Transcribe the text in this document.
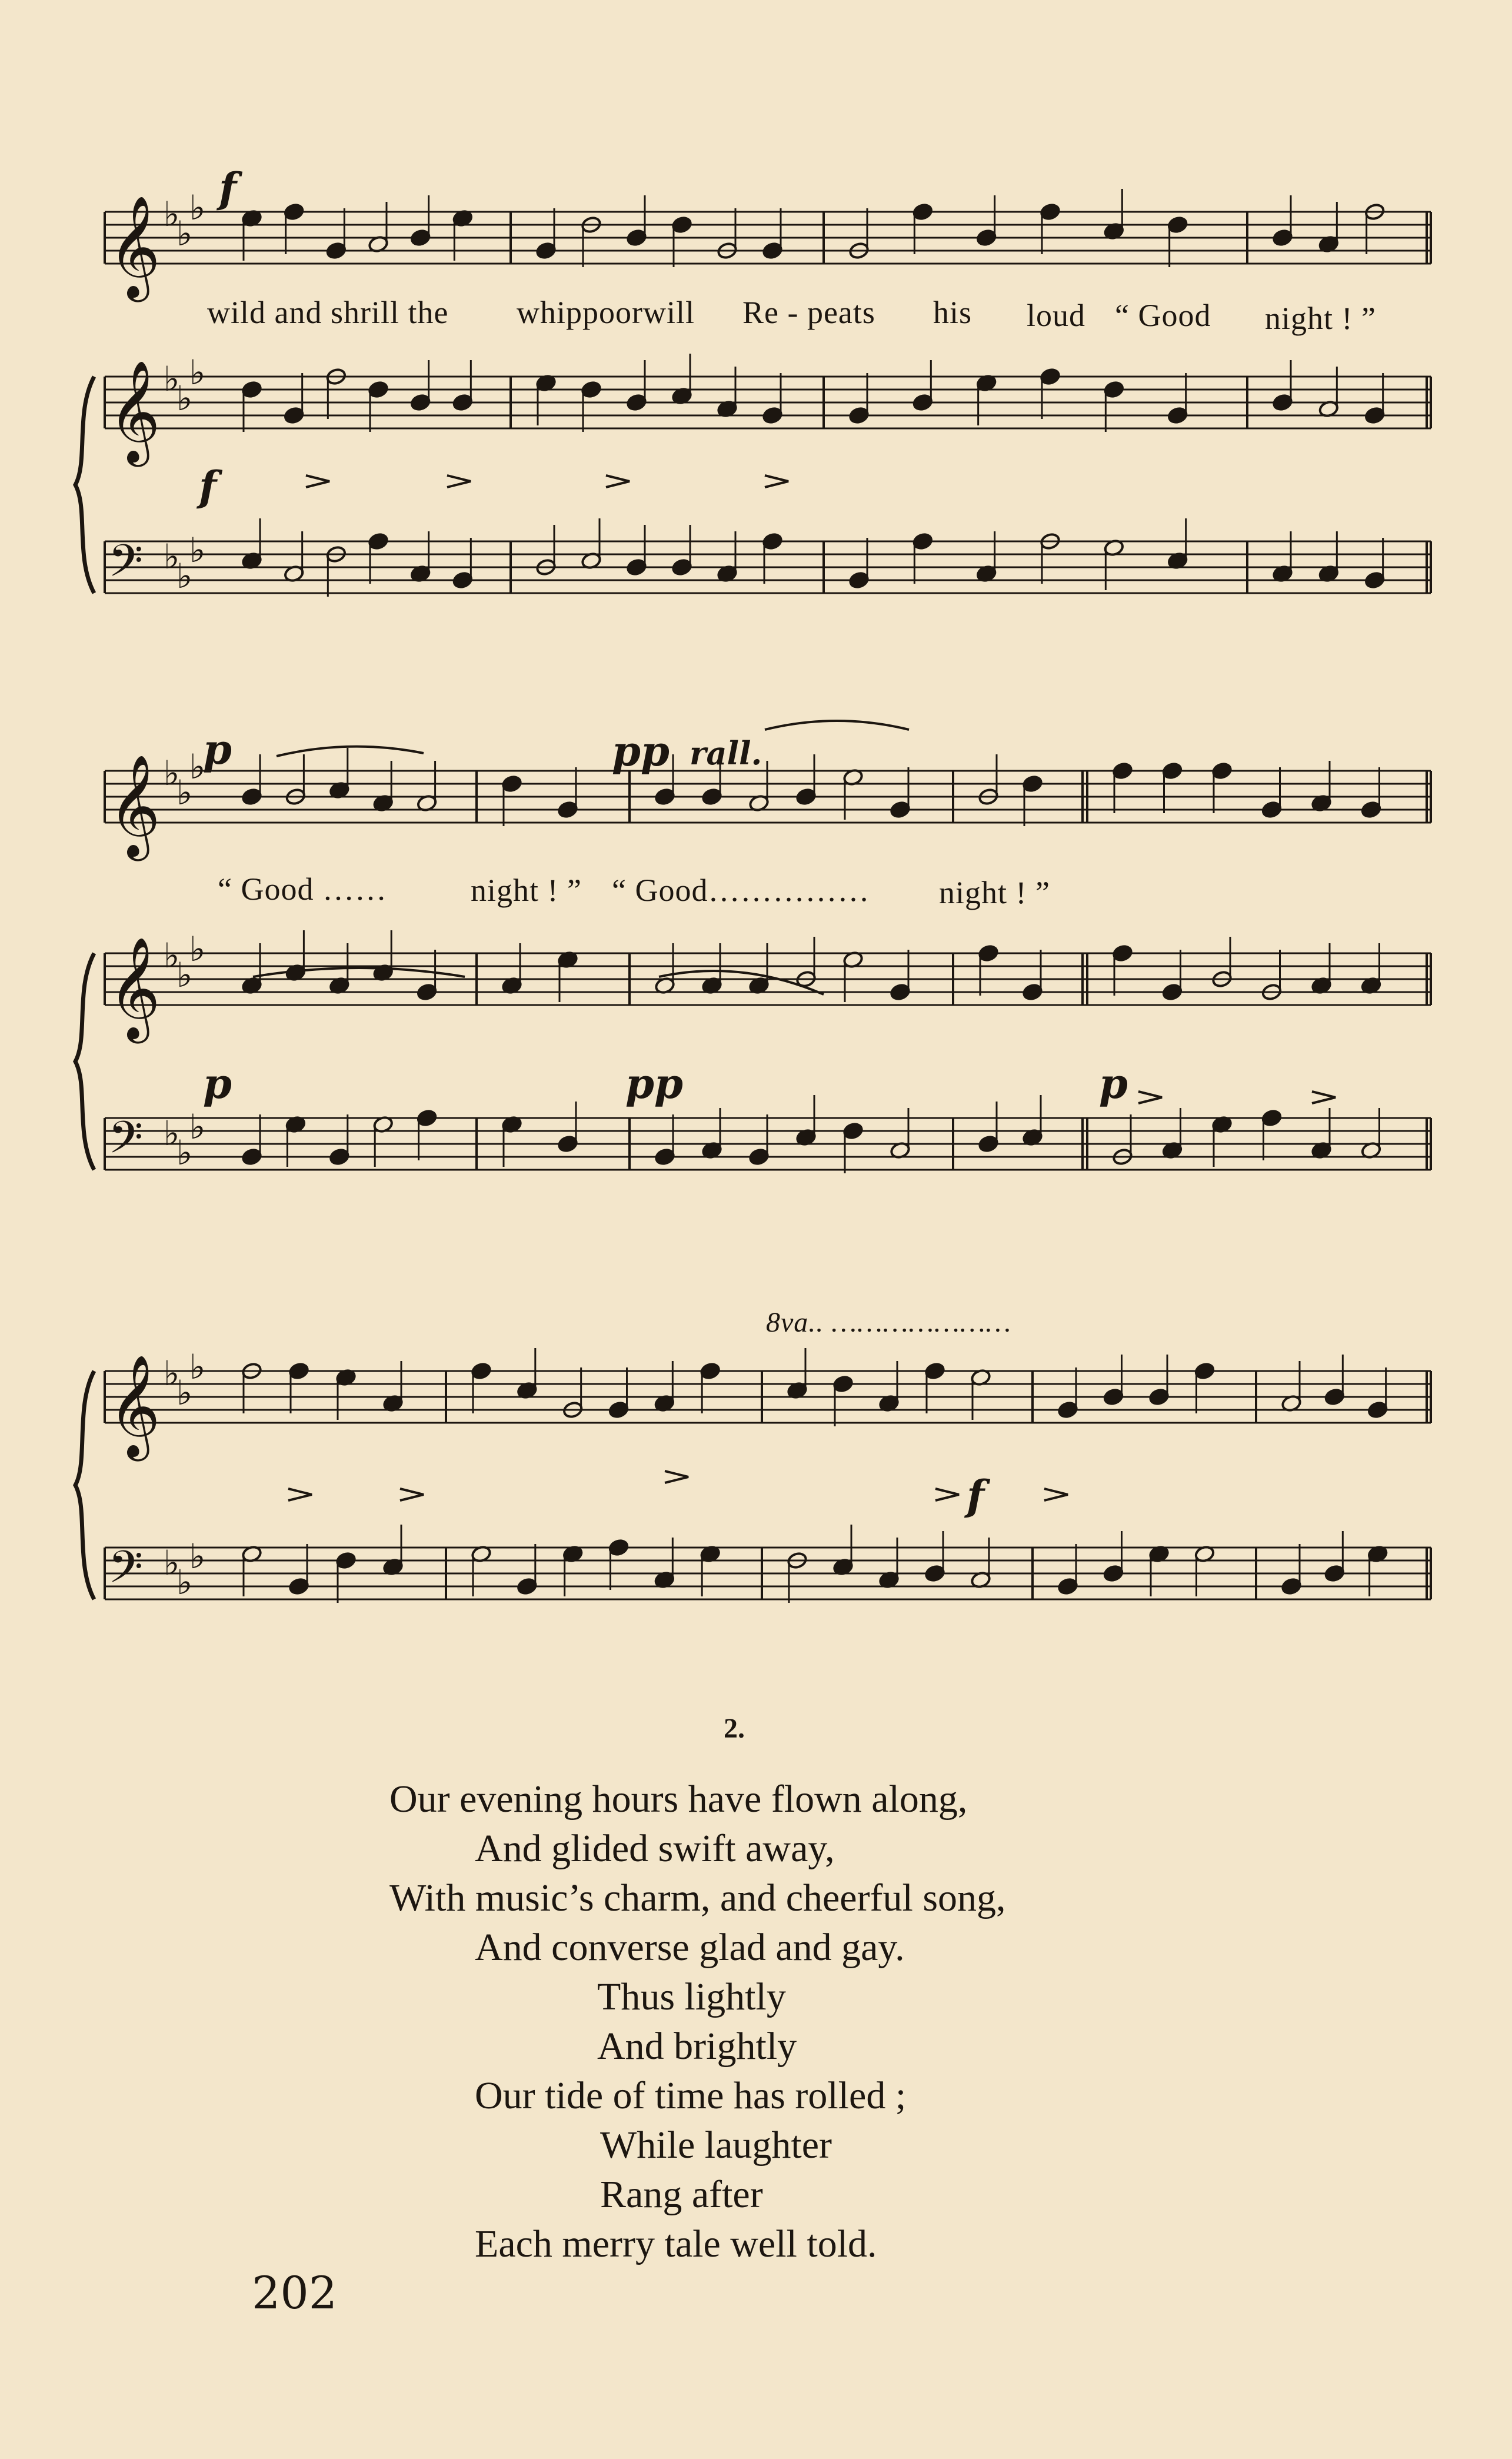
𝄞 ♭
♭
♭
𝄞 ♭
♭
♭
𝄢 ♭
♭
♭
𝄞 ♭
♭
♭
𝄞 ♭
♭
♭
𝄢 ♭
♭
♭
𝄞 ♭
♭
♭
𝄢 ♭
♭
♭
f
f
wild and shrill the whippoorwill Re - peats his loud “ Good night ! ”
p	pp rall.
“ Good ……	night ! ” “ Good…………… night ! ”
p	pp	p
8va.. …………………
f
2.
Our evening hours have flown along,
And glided swift away,
With music’s charm, and cheerful song,
And converse glad and gay.
Thus lightly
And brightly
Our tide of time has rolled ;
While laughter
Rang after
Each merry tale well told.
202
